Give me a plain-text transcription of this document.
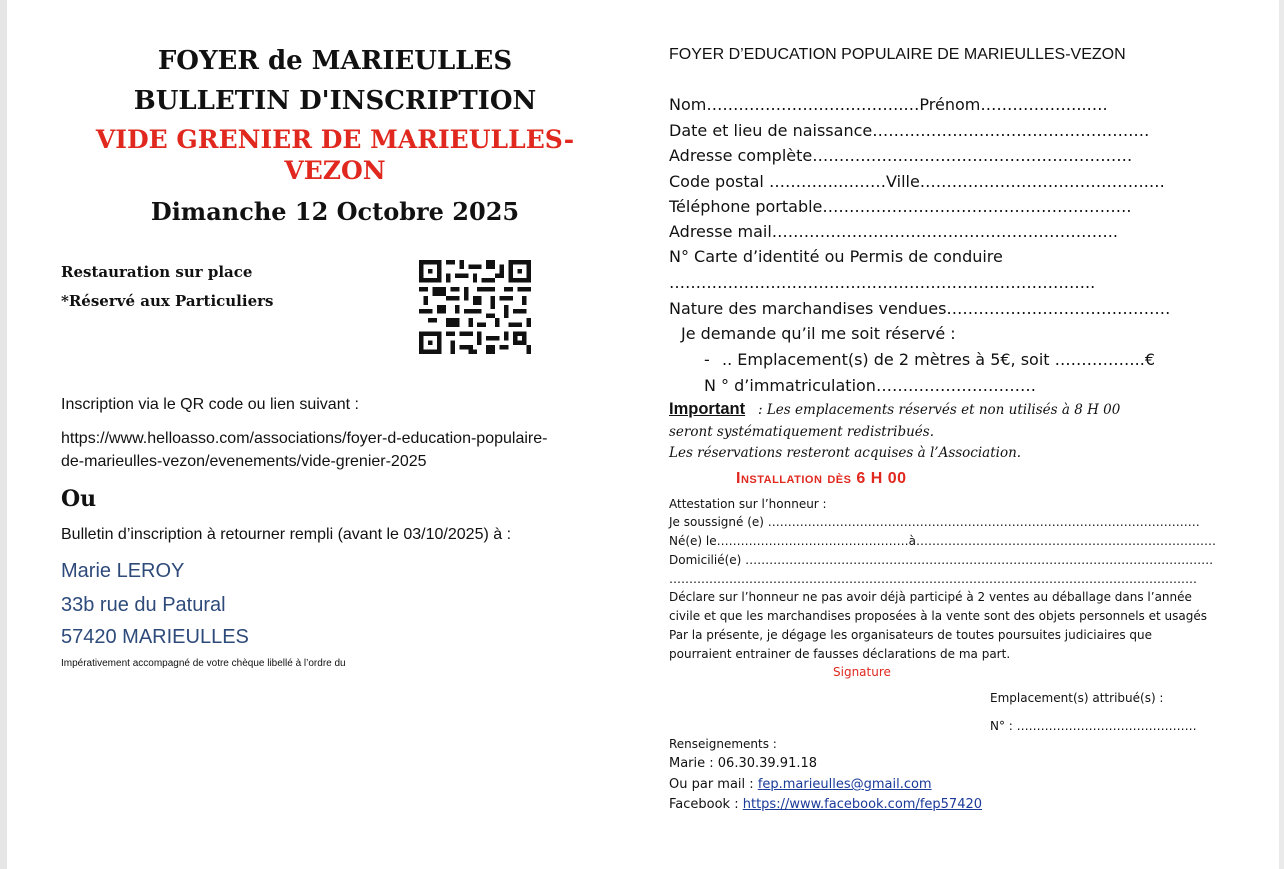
FOYER de MARIEULLES
BULLETIN D'INSCRIPTION
VIDE GRENIER DE MARIEULLES-
VEZON
Dimanche 12 Octobre 2025
Restauration sur place
*Réservé aux Particuliers
Inscription via le QR code ou lien suivant :
https://www.helloasso.com/associations/foyer-d-education-populaire-
de-marieulles-vezon/evenements/vide-grenier-2025
Ou
Bulletin d’inscription à retourner rempli (avant le 03/10/2025) à :
Marie LEROY
33b rue du Patural
57420 MARIEULLES
Impérativement accompagné de votre chèque libellé à l’ordre du
FOYER D’EDUCATION POPULAIRE DE MARIEULLES-VEZON
Nom……………………………….…Prénom………………..….
Date et lieu de naissance………………………………………….…
Adresse complète……………………………………………………
Code postal ………….………Ville…………………………………….…
Téléphone portable………………………………………………….
Adresse mail………………………………………………………..
N° Carte d’identité ou Permis de conduire
……………………………………………………………………..
Nature des marchandises vendues……………………………………
Je demande qu’il me soit réservé :
- .. Emplacement(s) de 2 mètres à 5€, soit ……………..€
N ° d’immatriculation…………………………
Important : Les emplacements réservés et non utilisés à 8 H 00
seront systématiquement redistribués.
Les réservations resteront acquises à l’Association.
Installation dès 6 H 00
Attestation sur l’honneur :
Je soussigné (e) ………………………………………………………………………………………………
Né(e) le…………………………………………à…………………………………………………………………
Domicilié(e) ………………………………………………………………………………………………………
……………………………………………………………………………………………………………………
Déclare sur l’honneur ne pas avoir déjà participé à 2 ventes au déballage dans l’année
civile et que les marchandises proposées à la vente sont des objets personnels et usagés
Par la présente, je dégage les organisateurs de toutes poursuites judiciaires que
pourraient entrainer de fausses déclarations de ma part.
Signature
Emplacement(s) attribué(s) :
N° : ………………………………………
Renseignements :
Marie : 06.30.39.91.18
Ou par mail : fep.marieulles@gmail.com
Facebook : https://www.facebook.com/fep57420
